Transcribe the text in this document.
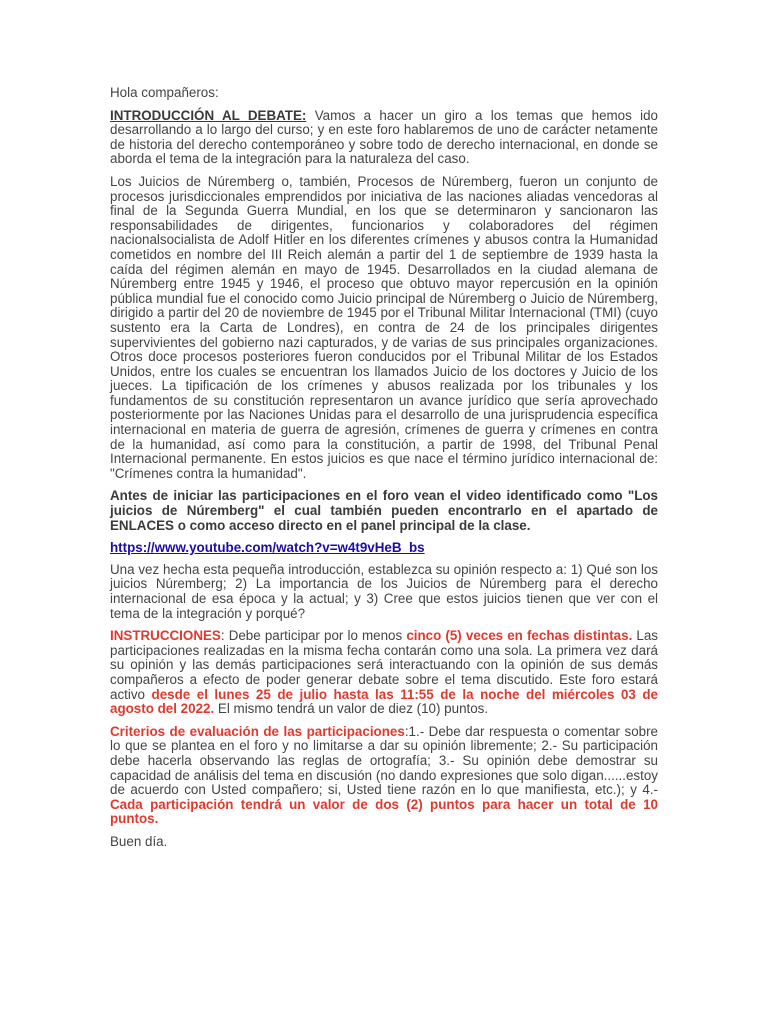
Hola compañeros:

INTRODUCCIÓN AL DEBATE: Vamos a hacer un giro a los temas que hemos ido desarrollando a lo largo del curso; y en este foro hablaremos de uno de carácter netamente de historia del derecho contemporáneo y sobre todo de derecho internacional, en donde se aborda el tema de la integración para la naturaleza del caso.

Los Juicios de Núremberg o, también, Procesos de Núremberg, fueron un conjunto de procesos jurisdiccionales emprendidos por iniciativa de las naciones aliadas vencedoras al final de la Segunda Guerra Mundial, en los que se determinaron y sancionaron las responsabilidades de dirigentes, funcionarios y colaboradores del régimen nacionalsocialista de Adolf Hitler en los diferentes crímenes y abusos contra la Humanidad cometidos en nombre del III Reich alemán a partir del 1 de septiembre de 1939 hasta la caída del régimen alemán en mayo de 1945. Desarrollados en la ciudad alemana de Núremberg entre 1945 y 1946, el proceso que obtuvo mayor repercusión en la opinión pública mundial fue el conocido como Juicio principal de Núremberg o Juicio de Núremberg, dirigido a partir del 20 de noviembre de 1945 por el Tribunal Militar Internacional (TMI) (cuyo sustento era la Carta de Londres), en contra de 24 de los principales dirigentes supervivientes del gobierno nazi capturados, y de varias de sus principales organizaciones. Otros doce procesos posteriores fueron conducidos por el Tribunal Militar de los Estados Unidos, entre los cuales se encuentran los llamados Juicio de los doctores y Juicio de los jueces. La tipificación de los crímenes y abusos realizada por los tribunales y los fundamentos de su constitución representaron un avance jurídico que sería aprovechado posteriormente por las Naciones Unidas para el desarrollo de una jurisprudencia específica internacional en materia de guerra de agresión, crímenes de guerra y crímenes en contra de la humanidad, así como para la constitución, a partir de 1998, del Tribunal Penal Internacional permanente. En estos juicios es que nace el término jurídico internacional de: "Crímenes contra la humanidad".

Antes de iniciar las participaciones en el foro vean el video identificado como "Los juicios de Núremberg" el cual también pueden encontrarlo en el apartado de ENLACES o como acceso directo en el panel principal de la clase.

https://www.youtube.com/watch?v=w4t9vHeB_bs

Una vez hecha esta pequeña introducción, establezca su opinión respecto a: 1) Qué son los juicios Núremberg; 2) La importancia de los Juicios de Núremberg para el derecho internacional de esa época y la actual; y 3) Cree que estos juicios tienen que ver con el tema de la integración y porqué?

INSTRUCCIONES: Debe participar por lo menos cinco (5) veces en fechas distintas. Las participaciones realizadas en la misma fecha contarán como una sola. La primera vez dará su opinión y las demás participaciones será interactuando con la opinión de sus demás compañeros a efecto de poder generar debate sobre el tema discutido. Este foro estará activo desde el lunes 25 de julio hasta las 11:55 de la noche del miércoles 03 de agosto del 2022. El mismo tendrá un valor de diez (10) puntos.

Criterios de evaluación de las participaciones:1.- Debe dar respuesta o comentar sobre lo que se plantea en el foro y no limitarse a dar su opinión libremente; 2.- Su participación debe hacerla observando las reglas de ortografía; 3.- Su opinión debe demostrar su capacidad de análisis del tema en discusión (no dando expresiones que solo digan......estoy de acuerdo con Usted compañero; si, Usted tiene razón en lo que manifiesta, etc.); y 4.- Cada participación tendrá un valor de dos (2) puntos para hacer un total de 10 puntos.

Buen día.
